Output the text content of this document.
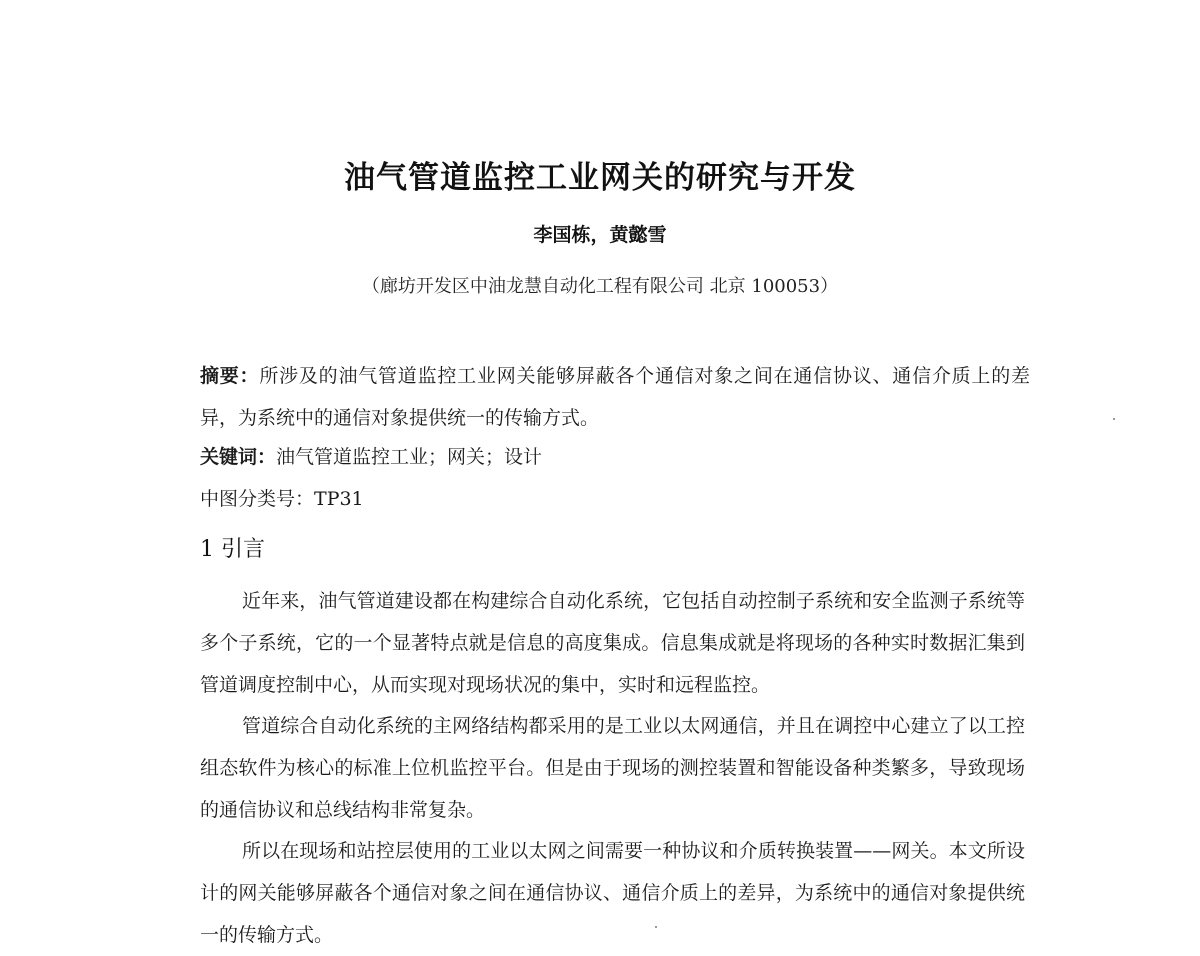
油气管道监控工业网关的研究与开发
李国栋，黄懿雪
（廊坊开发区中油龙慧自动化工程有限公司 北京 100053）
摘要：所涉及的油气管道监控工业网关能够屏蔽各个通信对象之间在通信协议、通信介质上的差异，为系统中的通信对象提供统一的传输方式。
关键词：油气管道监控工业；网关；设计
中图分类号：TP31
1 引言
近年来，油气管道建设都在构建综合自动化系统，它包括自动控制子系统和安全监测子系统等多个子系统，它的一个显著特点就是信息的高度集成。信息集成就是将现场的各种实时数据汇集到管道调度控制中心，从而实现对现场状况的集中，实时和远程监控。
管道综合自动化系统的主网络结构都采用的是工业以太网通信，并且在调控中心建立了以工控组态软件为核心的标准上位机监控平台。但是由于现场的测控装置和智能设备种类繁多，导致现场的通信协议和总线结构非常复杂。
所以在现场和站控层使用的工业以太网之间需要一种协议和介质转换装置——网关。本文所设计的网关能够屏蔽各个通信对象之间在通信协议、通信介质上的差异，为系统中的通信对象提供统一的传输方式。
